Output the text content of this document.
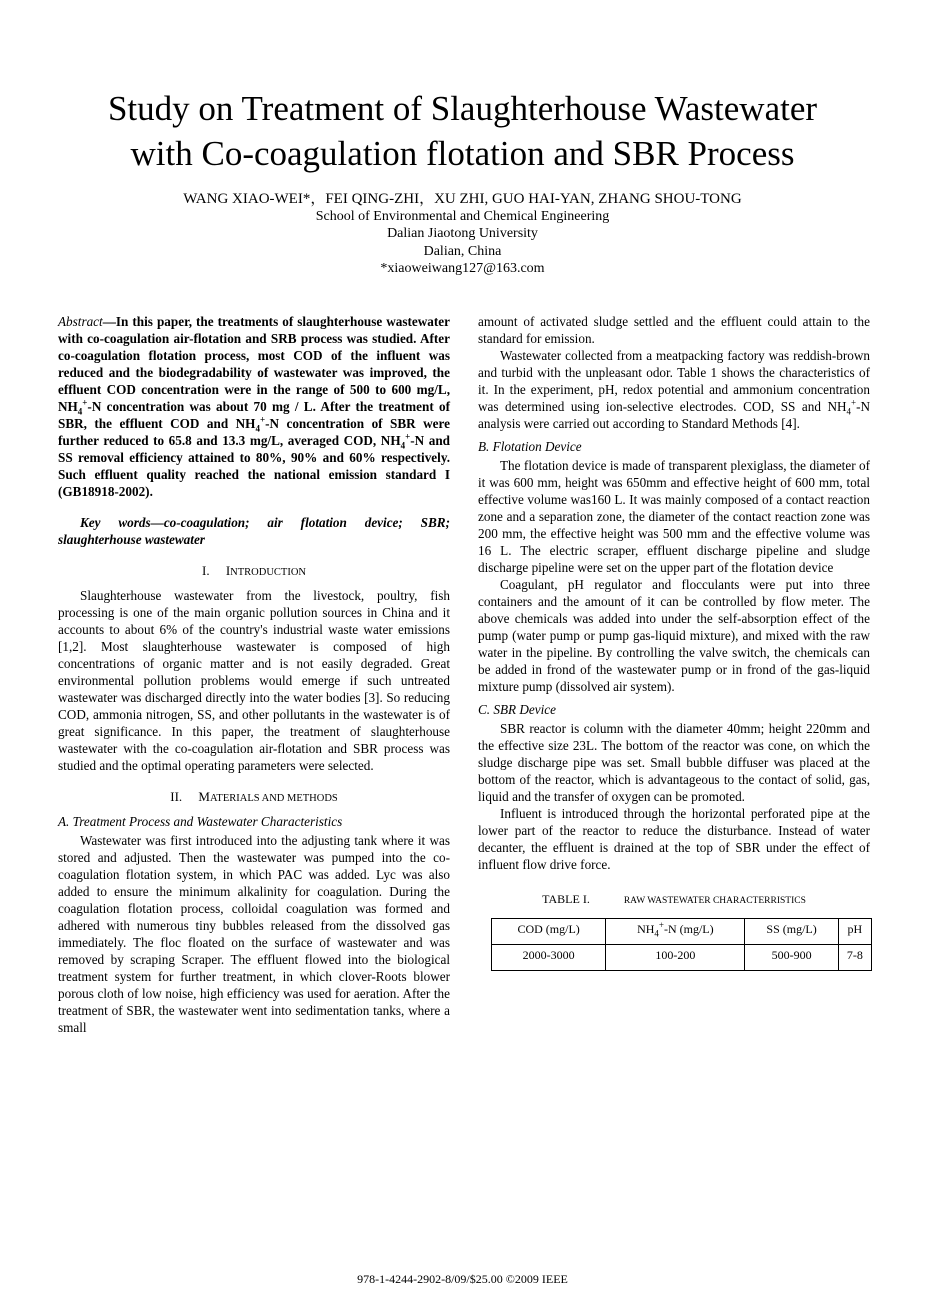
Study on Treatment of Slaughterhouse Wastewater
with Co-coagulation flotation and SBR Process
WANG XIAO-WEI*，FEI QING-ZHI，XU ZHI, GUO HAI-YAN, ZHANG SHOU-TONG
School of Environmental and Chemical Engineering
Dalian Jiaotong University
Dalian, China
*xiaoweiwang127@163.com

Abstract—In this paper, the treatments of slaughterhouse wastewater with co-coagulation air-flotation and SRB process was studied. After co-coagulation flotation process, most COD of the influent was reduced and the biodegradability of wastewater was improved, the effluent COD concentration were in the range of 500 to 600 mg/L, $NH_4^+-N$ concentration was about 70 mg / L. After the treatment of SBR, the effluent COD and $NH_4^+-N$ concentration of SBR were further reduced to 65.8 and 13.3 mg/L, averaged COD, $NH_4^+-N$ and SS removal efficiency attained to 80%, 90% and 60% respectively. Such effluent quality reached the national emission standard I (GB18918-2002).

Key words—co-coagulation; air flotation device; SBR; slaughterhouse wastewater

I. INTRODUCTION

Slaughterhouse wastewater from the livestock, poultry, fish processing is one of the main organic pollution sources in China and it accounts to about 6% of the country's industrial waste water emissions [1,2]. Most slaughterhouse wastewater is composed of high concentrations of organic matter and is not easily degraded. Great environmental pollution problems would emerge if such untreated wastewater was discharged directly into the water bodies [3]. So reducing COD, ammonia nitrogen, SS, and other pollutants in the wastewater is of great significance. In this paper, the treatment of slaughterhouse wastewater with the co-coagulation air-flotation and SBR process was studied and the optimal operating parameters were selected.

II. MATERIALS AND METHODS

A. Treatment Process and Wastewater Characteristics

Wastewater was first introduced into the adjusting tank where it was stored and adjusted. Then the wastewater was pumped into the co-coagulation flotation system, in which PAC was added. Lyc was also added to ensure the minimum alkalinity for coagulation. During the coagulation flotation process, colloidal coagulation was formed and adhered with numerous tiny bubbles released from the dissolved gas immediately. The floc floated on the surface of wastewater and was removed by scraping Scraper. The effluent flowed into the biological treatment system for further treatment, in which clover-Roots blower porous cloth of low noise, high efficiency was used for aeration. After the treatment of SBR, the wastewater went into sedimentation tanks, where a small

amount of activated sludge settled and the effluent could attain to the standard for emission.

Wastewater collected from a meatpacking factory was reddish-brown and turbid with the unpleasant odor. Table 1 shows the characteristics of it. In the experiment, pH, redox potential and ammonium concentration was determined using ion-selective electrodes. COD, SS and $NH_4^+-N$ analysis were carried out according to Standard Methods [4].

B. Flotation Device

The flotation device is made of transparent plexiglass, the diameter of it was 600 mm, height was 650mm and effective height of 600 mm, total effective volume was160 L. It was mainly composed of a contact reaction zone and a separation zone, the diameter of the contact reaction zone was 200 mm, the effective height was 500 mm and the effective volume was 16 L. The electric scraper, effluent discharge pipeline and sludge discharge pipeline were set on the upper part of the flotation device

Coagulant, pH regulator and flocculants were put into three containers and the amount of it can be controlled by flow meter. The above chemicals was added into under the self-absorption effect of the pump (water pump or pump gas-liquid mixture), and mixed with the raw water in the pipeline. By controlling the valve switch, the chemicals can be added in frond of the wastewater pump or in frond of the gas-liquid mixture pump (dissolved air system).

C. SBR Device

SBR reactor is column with the diameter 40mm; height 220mm and the effective size 23L. The bottom of the reactor was cone, on which the sludge discharge pipe was set. Small bubble diffuser was placed at the bottom of the reactor, which is advantageous to the contact of solid, gas, liquid and the transfer of oxygen can be promoted.

Influent is introduced through the horizontal perforated pipe at the lower part of the reactor to reduce the disturbance. Instead of water decanter, the effluent is drained at the top of SBR under the effect of influent flow drive force.

TABLE I.	RAW WASTEWATER CHARACTERRISTICS

COD (mg/L)	$NH_4^+-N$ (mg/L)	SS (mg/L)	pH
2000-3000	100-200	500-900	7-8
978-1-4244-2902-8/09/$25.00 ©2009 IEEE
